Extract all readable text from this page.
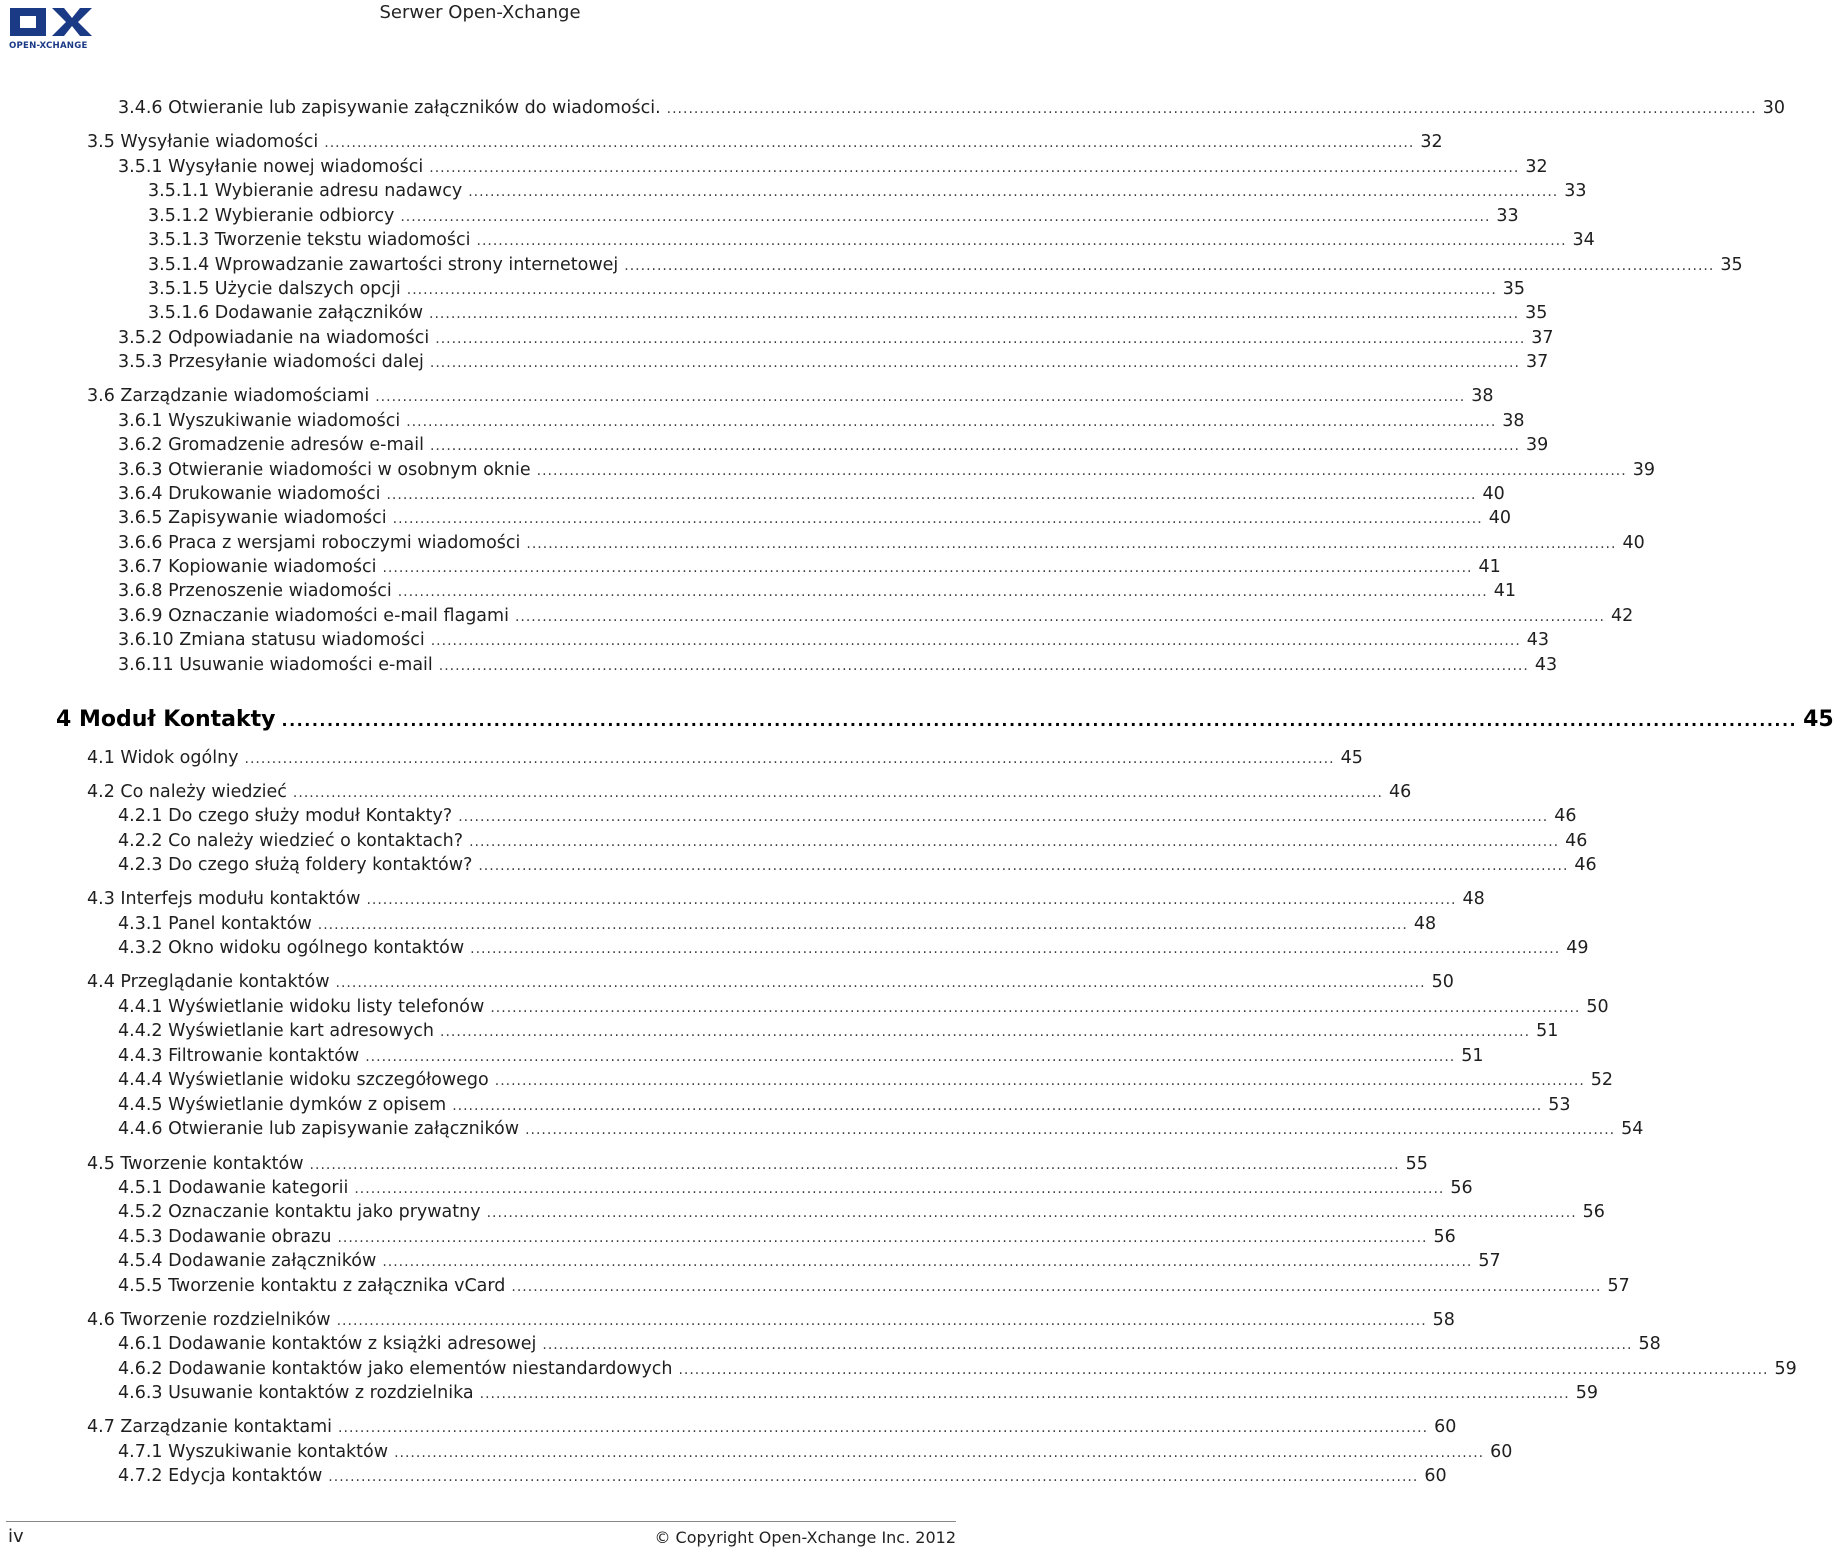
OPEN-XCHANGE
Serwer Open-Xchange
3.4.6 Otwieranie lub zapisywanie załączników do wiadomości. ........................................................................................................................................................................................................ 30
3.5 Wysyłanie wiadomości ........................................................................................................................................................................................................ 32
3.5.1 Wysyłanie nowej wiadomości ........................................................................................................................................................................................................ 32
3.5.1.1 Wybieranie adresu nadawcy ........................................................................................................................................................................................................ 33
3.5.1.2 Wybieranie odbiorcy ........................................................................................................................................................................................................ 33
3.5.1.3 Tworzenie tekstu wiadomości ........................................................................................................................................................................................................ 34
3.5.1.4 Wprowadzanie zawartości strony internetowej ........................................................................................................................................................................................................ 35
3.5.1.5 Użycie dalszych opcji ........................................................................................................................................................................................................ 35
3.5.1.6 Dodawanie załączników ........................................................................................................................................................................................................ 35
3.5.2 Odpowiadanie na wiadomości ........................................................................................................................................................................................................ 37
3.5.3 Przesyłanie wiadomości dalej ........................................................................................................................................................................................................ 37
3.6 Zarządzanie wiadomościami ........................................................................................................................................................................................................ 38
3.6.1 Wyszukiwanie wiadomości ........................................................................................................................................................................................................ 38
3.6.2 Gromadzenie adresów e-mail ........................................................................................................................................................................................................ 39
3.6.3 Otwieranie wiadomości w osobnym oknie ........................................................................................................................................................................................................ 39
3.6.4 Drukowanie wiadomości ........................................................................................................................................................................................................ 40
3.6.5 Zapisywanie wiadomości ........................................................................................................................................................................................................ 40
3.6.6 Praca z wersjami roboczymi wiadomości ........................................................................................................................................................................................................ 40
3.6.7 Kopiowanie wiadomości ........................................................................................................................................................................................................ 41
3.6.8 Przenoszenie wiadomości ........................................................................................................................................................................................................ 41
3.6.9 Oznaczanie wiadomości e-mail flagami ........................................................................................................................................................................................................ 42
3.6.10 Zmiana statusu wiadomości ........................................................................................................................................................................................................ 43
3.6.11 Usuwanie wiadomości e-mail ........................................................................................................................................................................................................ 43
4 Moduł Kontakty ........................................................................................................................................................................................................ 45
4.1 Widok ogólny ........................................................................................................................................................................................................ 45
4.2 Co należy wiedzieć ........................................................................................................................................................................................................ 46
4.2.1 Do czego służy moduł Kontakty? ........................................................................................................................................................................................................ 46
4.2.2 Co należy wiedzieć o kontaktach? ........................................................................................................................................................................................................ 46
4.2.3 Do czego służą foldery kontaktów? ........................................................................................................................................................................................................ 46
4.3 Interfejs modułu kontaktów ........................................................................................................................................................................................................ 48
4.3.1 Panel kontaktów ........................................................................................................................................................................................................ 48
4.3.2 Okno widoku ogólnego kontaktów ........................................................................................................................................................................................................ 49
4.4 Przeglądanie kontaktów ........................................................................................................................................................................................................ 50
4.4.1 Wyświetlanie widoku listy telefonów ........................................................................................................................................................................................................ 50
4.4.2 Wyświetlanie kart adresowych ........................................................................................................................................................................................................ 51
4.4.3 Filtrowanie kontaktów ........................................................................................................................................................................................................ 51
4.4.4 Wyświetlanie widoku szczegółowego ........................................................................................................................................................................................................ 52
4.4.5 Wyświetlanie dymków z opisem ........................................................................................................................................................................................................ 53
4.4.6 Otwieranie lub zapisywanie załączników ........................................................................................................................................................................................................ 54
4.5 Tworzenie kontaktów ........................................................................................................................................................................................................ 55
4.5.1 Dodawanie kategorii ........................................................................................................................................................................................................ 56
4.5.2 Oznaczanie kontaktu jako prywatny ........................................................................................................................................................................................................ 56
4.5.3 Dodawanie obrazu ........................................................................................................................................................................................................ 56
4.5.4 Dodawanie załączników ........................................................................................................................................................................................................ 57
4.5.5 Tworzenie kontaktu z załącznika vCard ........................................................................................................................................................................................................ 57
4.6 Tworzenie rozdzielników ........................................................................................................................................................................................................ 58
4.6.1 Dodawanie kontaktów z książki adresowej ........................................................................................................................................................................................................ 58
4.6.2 Dodawanie kontaktów jako elementów niestandardowych ........................................................................................................................................................................................................ 59
4.6.3 Usuwanie kontaktów z rozdzielnika ........................................................................................................................................................................................................ 59
4.7 Zarządzanie kontaktami ........................................................................................................................................................................................................ 60
4.7.1 Wyszukiwanie kontaktów ........................................................................................................................................................................................................ 60
4.7.2 Edycja kontaktów ........................................................................................................................................................................................................ 60
iv	© Copyright Open-Xchange Inc. 2012
